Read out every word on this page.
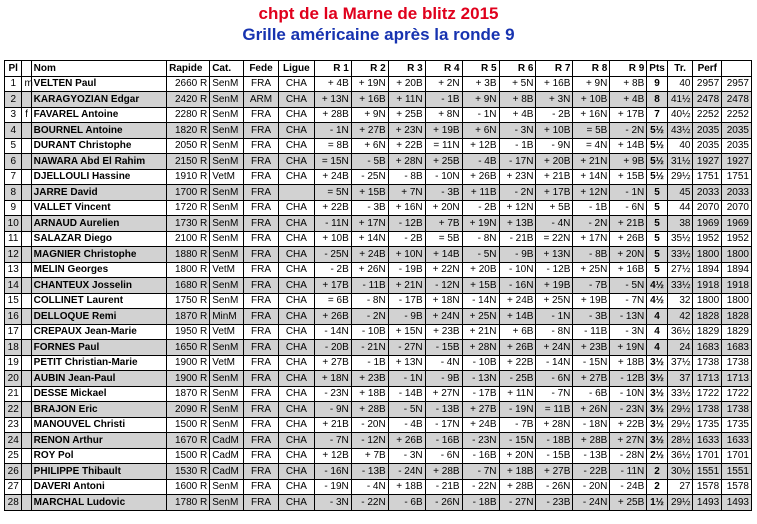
chpt de la Marne de blitz 2015
Grille américaine après la ronde 9
Pl		Nom	Rapide	Cat.	Fede	Ligue	R 1	R 2	R 3	R 4	R 5	R 6	R 7	R 8	R 9	Pts	Tr.	Perf	
1	m	VELTEN Paul	2660 R	SenM	FRA	CHA	+ 4B	+ 19N	+ 20B	+ 2N	+ 3B	+ 5N	+ 16B	+ 9N	+ 8B	9	40	2957	2957
2		KARAGYOZIAN Edgar	2420 R	SenM	ARM	CHA	+ 13N	+ 16B	+ 11N	- 1B	+ 9N	+ 8B	+ 3N	+ 10B	+ 4B	8	41½	2478	2478
3	f	FAVAREL Antoine	2280 R	SenM	FRA	CHA	+ 28B	+ 9N	+ 25B	+ 8N	- 1N	+ 4B	- 2B	+ 16N	+ 17B	7	40½	2252	2252
4		BOURNEL Antoine	1820 R	SenM	FRA	CHA	- 1N	+ 27B	+ 23N	+ 19B	+ 6N	- 3N	+ 10B	= 5B	- 2N	5½	43½	2035	2035
5		DURANT Christophe	2050 R	SenM	FRA	CHA	= 8B	+ 6N	+ 22B	= 11N	+ 12B	- 1B	- 9N	= 4N	+ 14B	5½	40	2035	2035
6		NAWARA Abd El Rahim	2150 R	SenM	FRA	CHA	= 15N	- 5B	+ 28N	+ 25B	- 4B	- 17N	+ 20B	+ 21N	+ 9B	5½	31½	1927	1927
7		DJELLOULI Hassine	1910 R	VetM	FRA	CHA	+ 24B	- 25N	- 8B	- 10N	+ 26B	+ 23N	+ 21B	+ 14N	+ 15B	5½	29½	1751	1751
8		JARRE David	1700 R	SenM	FRA		= 5N	+ 15B	+ 7N	- 3B	+ 11B	- 2N	+ 17B	+ 12N	- 1N	5	45	2033	2033
9		VALLET Vincent	1720 R	SenM	FRA	CHA	+ 22B	- 3B	+ 16N	+ 20N	- 2B	+ 12N	+ 5B	- 1B	- 6N	5	44	2070	2070
10		ARNAUD Aurelien	1730 R	SenM	FRA	CHA	- 11N	+ 17N	- 12B	+ 7B	+ 19N	+ 13B	- 4N	- 2N	+ 21B	5	38	1969	1969
11		SALAZAR Diego	2100 R	SenM	FRA	CHA	+ 10B	+ 14N	- 2B	= 5B	- 8N	- 21B	= 22N	+ 17N	+ 26B	5	35½	1952	1952
12		MAGNIER Christophe	1880 R	SenM	FRA	CHA	- 25N	+ 24B	+ 10N	+ 14B	- 5N	- 9B	+ 13N	- 8B	+ 20N	5	33½	1800	1800
13		MELIN Georges	1800 R	VetM	FRA	CHA	- 2B	+ 26N	- 19B	+ 22N	+ 20B	- 10N	- 12B	+ 25N	+ 16B	5	27½	1894	1894
14		CHANTEUX Josselin	1680 R	SenM	FRA	CHA	+ 17B	- 11B	+ 21N	- 12N	+ 15B	- 16N	+ 19B	- 7B	- 5N	4½	33½	1918	1918
15		COLLINET Laurent	1750 R	SenM	FRA	CHA	= 6B	- 8N	- 17B	+ 18N	- 14N	+ 24B	+ 25N	+ 19B	- 7N	4½	32	1800	1800
16		DELLOQUE Remi	1870 R	MinM	FRA	CHA	+ 26B	- 2N	- 9B	+ 24N	+ 25N	+ 14B	- 1N	- 3B	- 13N	4	42	1828	1828
17		CREPAUX Jean-Marie	1950 R	VetM	FRA	CHA	- 14N	- 10B	+ 15N	+ 23B	+ 21N	+ 6B	- 8N	- 11B	- 3N	4	36½	1829	1829
18		FORNES Paul	1650 R	SenM	FRA	CHA	- 20B	- 21N	- 27N	- 15B	+ 28N	+ 26B	+ 24N	+ 23B	+ 19N	4	24	1683	1683
19		PETIT Christian-Marie	1900 R	VetM	FRA	CHA	+ 27B	- 1B	+ 13N	- 4N	- 10B	+ 22B	- 14N	- 15N	+ 18B	3½	37½	1738	1738
20		AUBIN Jean-Paul	1900 R	SenM	FRA	CHA	+ 18N	+ 23B	- 1N	- 9B	- 13N	- 25B	- 6N	+ 27B	- 12B	3½	37	1713	1713
21		DESSE Mickael	1870 R	SenM	FRA	CHA	- 23N	+ 18B	- 14B	+ 27N	- 17B	+ 11N	- 7N	- 6B	- 10N	3½	33½	1722	1722
22		BRAJON Eric	2090 R	SenM	FRA	CHA	- 9N	+ 28B	- 5N	- 13B	+ 27B	- 19N	= 11B	+ 26N	- 23N	3½	29½	1738	1738
23		MANOUVEL Christi	1500 R	SenM	FRA	CHA	+ 21B	- 20N	- 4B	- 17N	+ 24B	- 7B	+ 28N	- 18N	+ 22B	3½	29½	1735	1735
24		RENON Arthur	1670 R	CadM	FRA	CHA	- 7N	- 12N	+ 26B	- 16B	- 23N	- 15N	- 18B	+ 28B	+ 27N	3½	28½	1633	1633
25		ROY Pol	1500 R	CadM	FRA	CHA	+ 12B	+ 7B	- 3N	- 6N	- 16B	+ 20N	- 15B	- 13B	- 28N	2½	36½	1701	1701
26		PHILIPPE Thibault	1530 R	CadM	FRA	CHA	- 16N	- 13B	- 24N	+ 28B	- 7N	+ 18B	+ 27B	- 22B	- 11N	2	30½	1551	1551
27		DAVERI Antoni	1600 R	SenM	FRA	CHA	- 19N	- 4N	+ 18B	- 21B	- 22N	+ 28B	- 26N	- 20N	- 24B	2	27	1578	1578
28		MARCHAL Ludovic	1780 R	SenM	FRA	CHA	- 3N	- 22N	- 6B	- 26N	- 18B	- 27N	- 23B	- 24N	+ 25B	1½	29½	1493	1493
